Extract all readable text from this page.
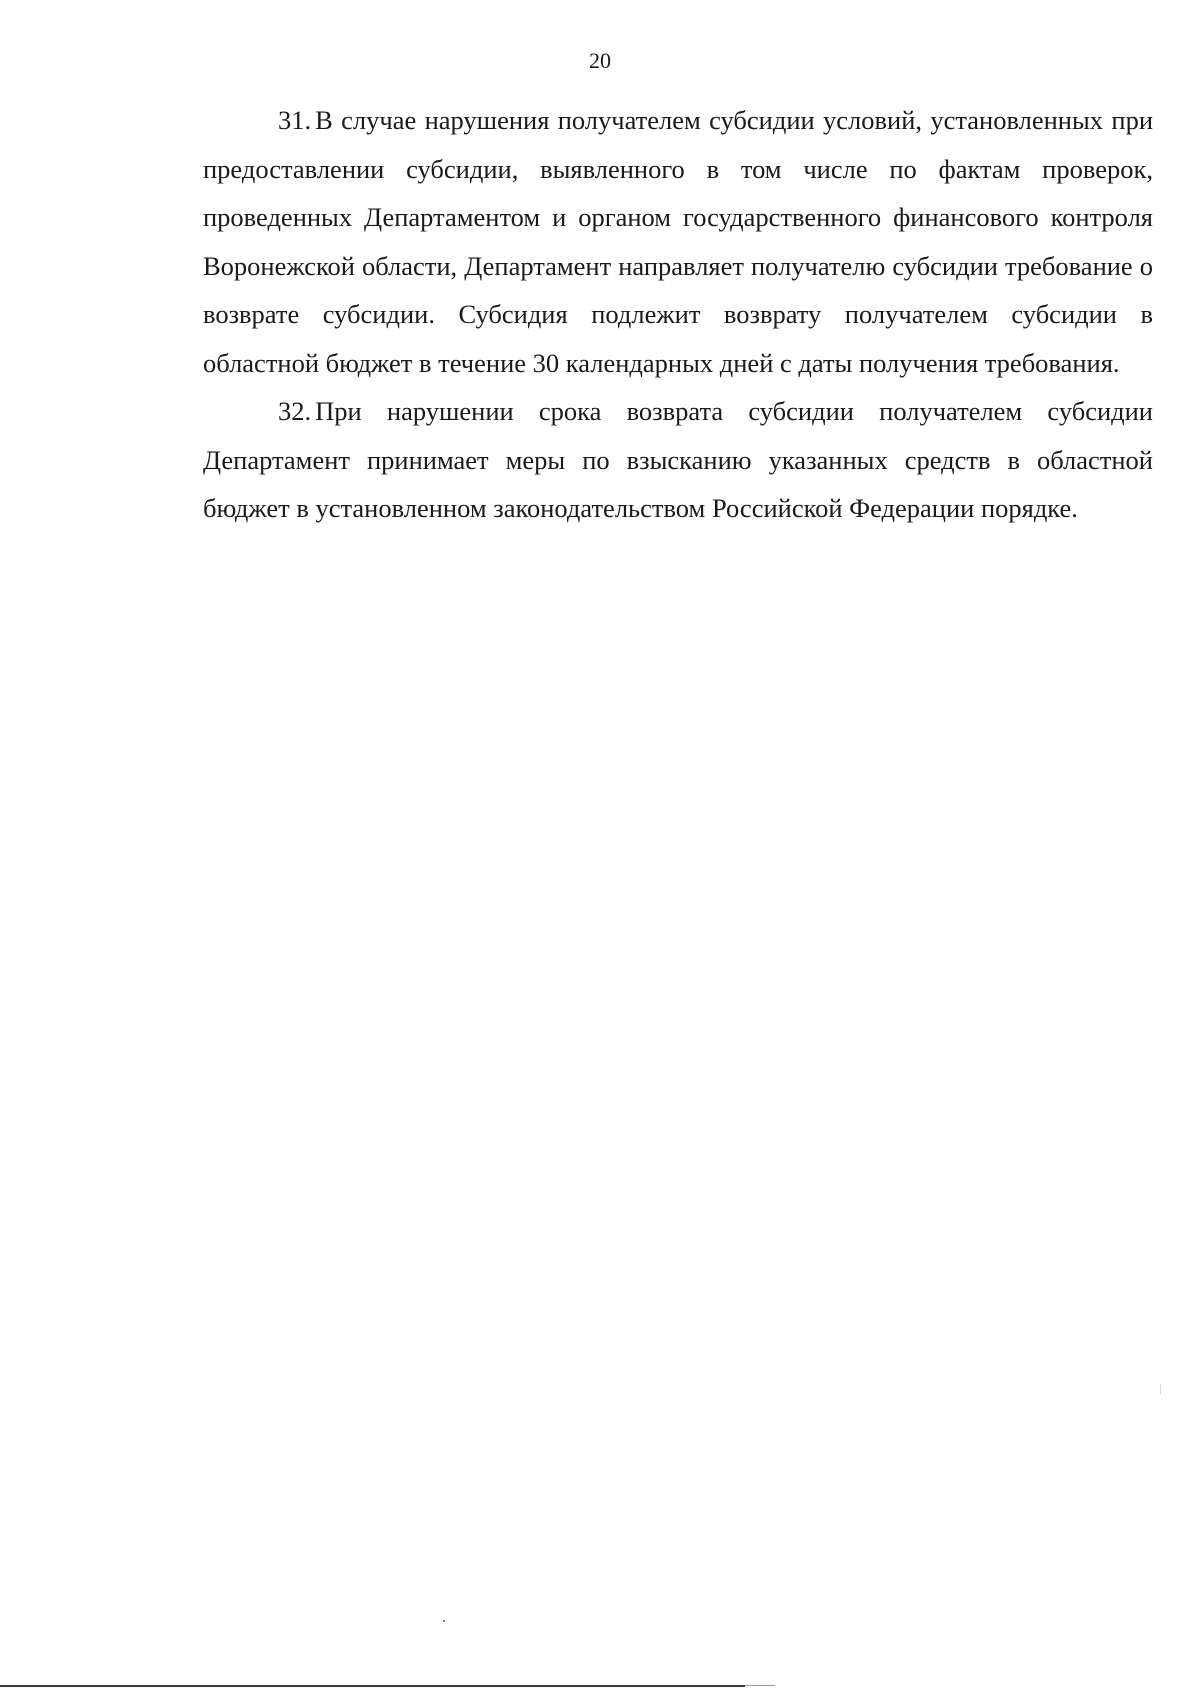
20

31. В случае нарушения получателем субсидии условий, установленных при предоставлении субсидии, выявленного в том числе по фактам проверок, проведенных Департаментом и органом государственного финансового контроля Воронежской области, Департамент направляет получателю субсидии требование о возврате субсидии. Субсидия подлежит возврату получателем субсидии в областной бюджет в течение 30 календарных дней с даты получения требования.

32. При нарушении срока возврата субсидии получателем субсидии Департамент принимает меры по взысканию указанных средств в областной бюджет в установленном законодательством Российской Федерации порядке.
